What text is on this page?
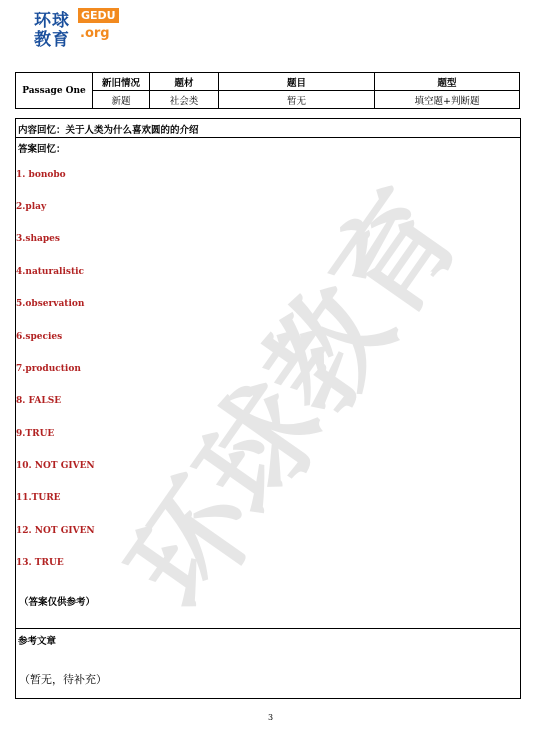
环球 GEDU
教育 .org
环球教育
Passage One	新旧情况	题材	题目	题型
	新题	社会类	暂无	填空题+判断题
内容回忆：关于人类为什么喜欢圆的的介绍
答案回忆：
1. bonobo
2.play
3.shapes
4.naturalistic
5.observation
6.species
7.production
8. FALSE
9.TRUE
10. NOT GIVEN
11.TURE
12. NOT GIVEN
13. TRUE
（答案仅供参考）
参考文章
（暂无，待补充）
3
